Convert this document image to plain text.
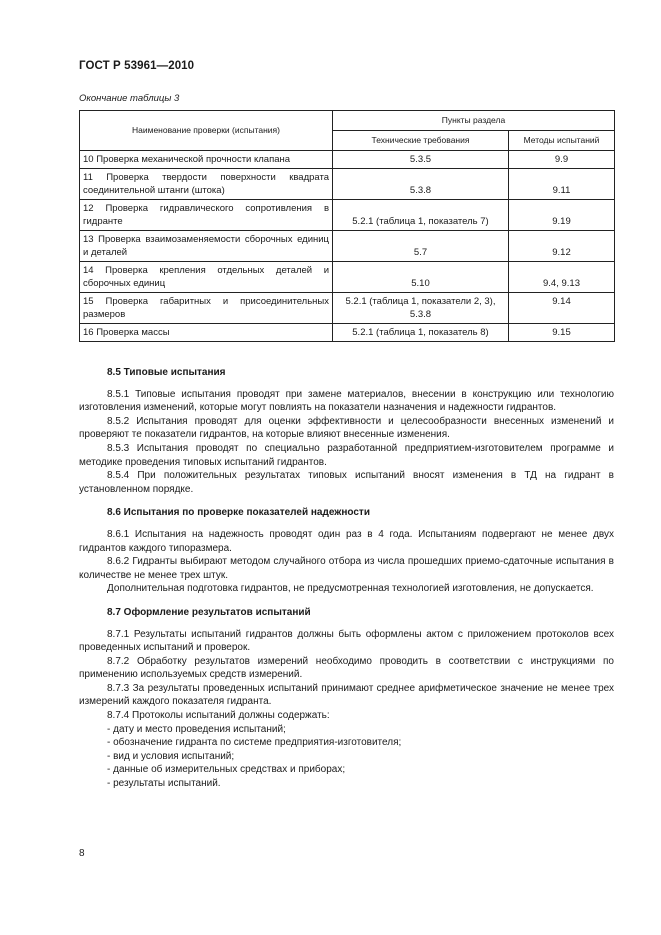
ГОСТ Р 53961—2010
Окончание таблицы 3
Наименование проверки (испытания)	Пункты раздела	
	Технические требования	Методы испытаний
10 Проверка механической прочности клапана	5.3.5	9.9
11 Проверка твердости поверхности квадрата соединительной штанги (штока)	5.3.8	9.11
12 Проверка гидравлического сопротивления в гидранте	5.2.1 (таблица 1, показатель 7)	9.19
13 Проверка взаимозаменяемости сборочных единиц и деталей	5.7	9.12
14 Проверка крепления отдельных деталей и сборочных единиц	5.10	9.4, 9.13
15 Проверка габаритных и присоединительных размеров	5.2.1 (таблица 1, показатели 2, 3), 5.3.8	9.14
16 Проверка массы	5.2.1 (таблица 1, показатель 8)	9.15
8.5 Типовые испытания

8.5.1 Типовые испытания проводят при замене материалов, внесении в конструкцию или технологию изготовления изменений, которые могут повлиять на показатели назначения и надежности гидрантов.

8.5.2 Испытания проводят для оценки эффективности и целесообразности внесенных изменений и проверяют те показатели гидрантов, на которые влияют внесенные изменения.

8.5.3 Испытания проводят по специально разработанной предприятием-изготовителем программе и методике проведения типовых испытаний гидрантов.

8.5.4 При положительных результатах типовых испытаний вносят изменения в ТД на гидрант в установленном порядке.

8.6 Испытания по проверке показателей надежности

8.6.1 Испытания на надежность проводят один раз в 4 года. Испытаниям подвергают не менее двух гидрантов каждого типоразмера.

8.6.2 Гидранты выбирают методом случайного отбора из числа прошедших приемо-сдаточные испытания в количестве не менее трех штук.

Дополнительная подготовка гидрантов, не предусмотренная технологией изготовления, не допускается.

8.7 Оформление результатов испытаний

8.7.1 Результаты испытаний гидрантов должны быть оформлены актом с приложением протоколов всех проведенных испытаний и проверок.

8.7.2 Обработку результатов измерений необходимо проводить в соответствии с инструкциями по применению используемых средств измерений.

8.7.3 За результаты проведенных испытаний принимают среднее арифметическое значение не менее трех измерений каждого показателя гидранта.

8.7.4 Протоколы испытаний должны содержать:

- дату и место проведения испытаний;

- обозначение гидранта по системе предприятия-изготовителя;

- вид и условия испытаний;

- данные об измерительных средствах и приборах;

- результаты испытаний.

8
